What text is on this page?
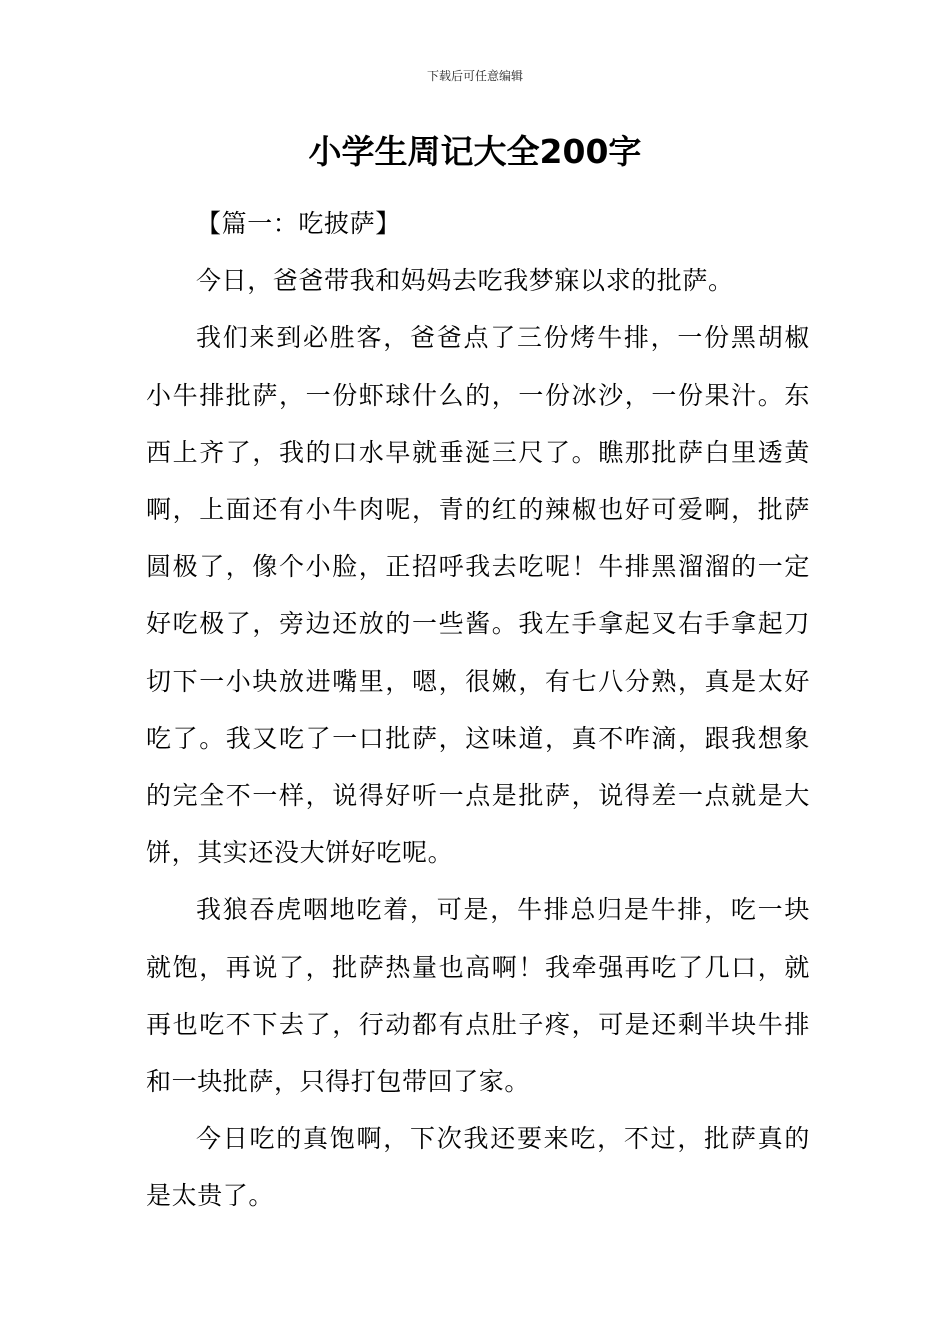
下载后可任意编辑
小学生周记大全200字
【篇一：吃披萨】

今日，爸爸带我和妈妈去吃我梦寐以求的批萨。

我们来到必胜客，爸爸点了三份烤牛排，一份黑胡椒小牛排批萨，一份虾球什么的，一份冰沙，一份果汁。东西上齐了，我的口水早就垂涎三尺了。瞧那批萨白里透黄啊，上面还有小牛肉呢，青的红的辣椒也好可爱啊，批萨圆极了，像个小脸，正招呼我去吃呢！牛排黑溜溜的一定好吃极了，旁边还放的一些酱。我左手拿起叉右手拿起刀切下一小块放进嘴里，嗯，很嫩，有七八分熟，真是太好吃了。我又吃了一口批萨，这味道，真不咋滴，跟我想象的完全不一样，说得好听一点是批萨，说得差一点就是大饼，其实还没大饼好吃呢。

我狼吞虎咽地吃着，可是，牛排总归是牛排，吃一块就饱，再说了，批萨热量也高啊！我牵强再吃了几口，就再也吃不下去了，行动都有点肚子疼，可是还剩半块牛排和一块批萨，只得打包带回了家。

今日吃的真饱啊，下次我还要来吃，不过，批萨真的是太贵了。
